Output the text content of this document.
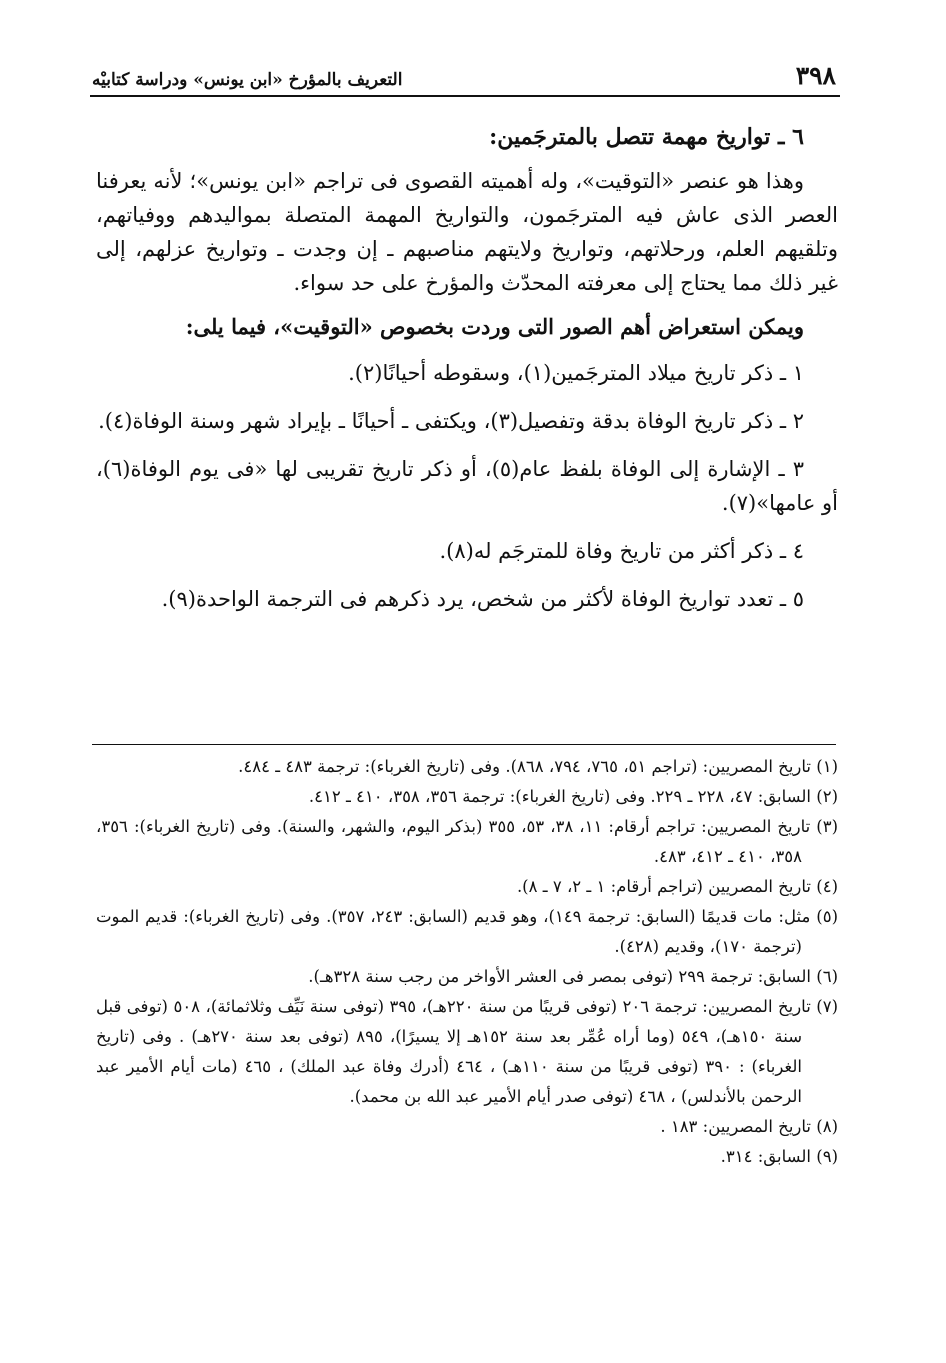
٣٩٨
التعريف بالمؤرخ «ابن يونس» ودراسة كتابيْه

٦ ـ تواريخ مهمة تتصل بالمترجَمين:

وهذا هو عنصر «التوقيت»، وله أهميته القصوى فى تراجم «ابن يونس»؛ لأنه يعرفنا العصر الذى عاش فيه المترجَمون، والتواريخ المهمة المتصلة بمواليدهم ووفياتهم، وتلقيهم العلم، ورحلاتهم، وتواريخ ولايتهم مناصبهم ـ إن وجدت ـ وتواريخ عزلهم، إلى غير ذلك مما يحتاج إلى معرفته المحدّث والمؤرخ على حد سواء.

ويمكن استعراض أهم الصور التى وردت بخصوص «التوقيت»، فيما يلى:

١ ـ ذكر تاريخ ميلاد المترجَمين(١)، وسقوطه أحيانًا(٢).

٢ ـ ذكر تاريخ الوفاة بدقة وتفصيل(٣)، ويكتفى ـ أحيانًا ـ بإيراد شهر وسنة الوفاة(٤).

٣ ـ الإشارة إلى الوفاة بلفظ عام(٥)، أو ذكر تاريخ تقريبى لها «فى يوم الوفاة(٦)، أو عامها»(٧).

٤ ـ ذكر أكثر من تاريخ وفاة للمترجَم له(٨).

٥ ـ تعدد تواريخ الوفاة لأكثر من شخص، يرد ذكرهم فى الترجمة الواحدة(٩).

(١) تاريخ المصريين: (تراجم ٥١، ٧٦٥، ٧٩٤، ٨٦٨). وفى (تاريخ الغرباء): ترجمة ٤٨٣ ـ ٤٨٤.

(٢) السابق: ٤٧، ٢٢٨ ـ ٢٢٩. وفى (تاريخ الغرباء): ترجمة ٣٥٦، ٣٥٨، ٤١٠ ـ ٤١٢.

(٣) تاريخ المصريين: تراجم أرقام: ١١، ٣٨، ٥٣، ٣٥٥ (بذكر اليوم، والشهر، والسنة). وفى (تاريخ الغرباء): ٣٥٦، ٣٥٨، ٤١٠ ـ ٤١٢، ٤٨٣.

(٤) تاريخ المصريين (تراجم أرقام: ١ ـ ٢، ٧ ـ ٨).

(٥) مثل: مات قديمًا (السابق: ترجمة ١٤٩)، وهو قديم (السابق: ٢٤٣، ٣٥٧). وفى (تاريخ الغرباء): قديم الموت (ترجمة ١٧٠)، وقديم (٤٢٨).

(٦) السابق: ترجمة ٢٩٩ (توفى بمصر فى العشر الأواخر من رجب سنة ٣٢٨هـ).

(٧) تاريخ المصريين: ترجمة ٢٠٦ (توفى قريبًا من سنة ٢٢٠هـ)، ٣٩٥ (توفى سنة نَيِّف وثلاثمائة)، ٥٠٨ (توفى قبل سنة ١٥٠هـ)، ٥٤٩ (وما أراه عُمِّر بعد سنة ١٥٢هـ إلا يسيرًا)، ٨٩٥ (توفى بعد سنة ٢٧٠هـ) . وفى (تاريخ الغرباء) : ٣٩٠ (توفى قريبًا من سنة ١١٠هـ) ، ٤٦٤ (أدرك وفاة عبد الملك) ، ٤٦٥ (مات أيام الأمير عبد الرحمن بالأندلس) ، ٤٦٨ (توفى صدر أيام الأمير عبد الله بن محمد).

(٨) تاريخ المصريين: ١٨٣ .

(٩) السابق: ٣١٤.
